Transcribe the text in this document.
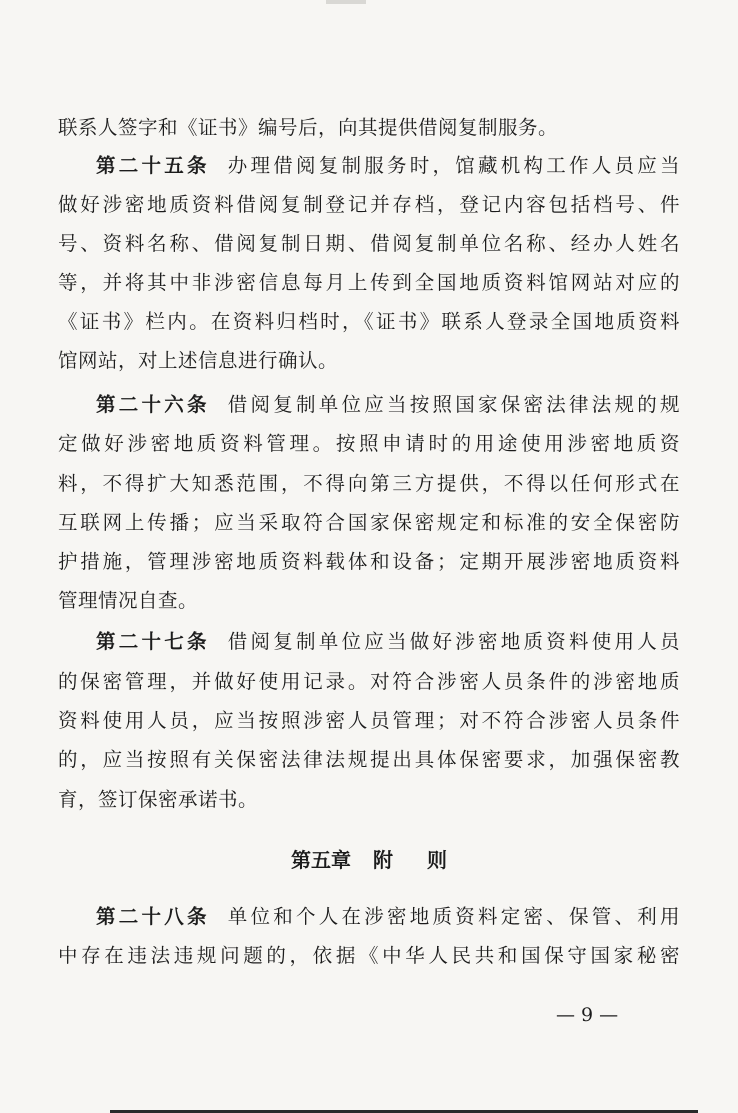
联系人签字和《证书》编号后，向其提供借阅复制服务。
第二十五条 办理借阅复制服务时，馆藏机构工作人员应当
做好涉密地质资料借阅复制登记并存档，登记内容包括档号、件
号、资料名称、借阅复制日期、借阅复制单位名称、经办人姓名
等，并将其中非涉密信息每月上传到全国地质资料馆网站对应的
《证书》栏内。在资料归档时，《证书》联系人登录全国地质资料
馆网站，对上述信息进行确认。
第二十六条 借阅复制单位应当按照国家保密法律法规的规
定做好涉密地质资料管理。按照申请时的用途使用涉密地质资
料，不得扩大知悉范围，不得向第三方提供，不得以任何形式在
互联网上传播；应当采取符合国家保密规定和标准的安全保密防
护措施，管理涉密地质资料载体和设备；定期开展涉密地质资料
管理情况自查。
第二十七条 借阅复制单位应当做好涉密地质资料使用人员
的保密管理，并做好使用记录。对符合涉密人员条件的涉密地质
资料使用人员，应当按照涉密人员管理；对不符合涉密人员条件
的，应当按照有关保密法律法规提出具体保密要求，加强保密教
育，签订保密承诺书。
第五章 附 则
第二十八条 单位和个人在涉密地质资料定密、保管、利用
中存在违法违规问题的，依据《中华人民共和国保守国家秘密
— 9 —
